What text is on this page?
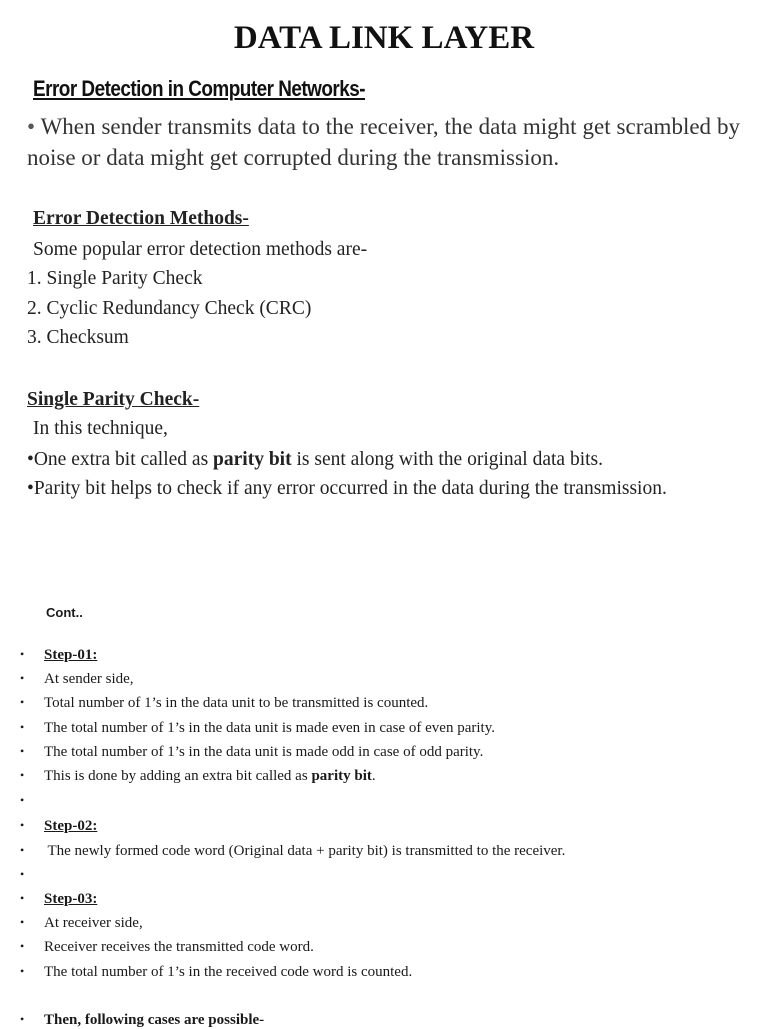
DATA LINK LAYER
Error Detection in Computer Networks-
• When sender transmits data to the receiver, the data might get scrambled by noise or data might get corrupted during the transmission.
Error Detection Methods-
Some popular error detection methods are-
1. Single Parity Check
2. Cyclic Redundancy Check (CRC)
3. Checksum
Single Parity Check-
In this technique,
•One extra bit called as parity bit is sent along with the original data bits.
•Parity bit helps to check if any error occurred in the data during the transmission.
Cont..
• Step-01:
• At sender side,
• Total number of 1’s in the data unit to be transmitted is counted.
• The total number of 1’s in the data unit is made even in case of even parity.
• The total number of 1’s in the data unit is made odd in case of odd parity.
• This is done by adding an extra bit called as parity bit.
•
• Step-02:
• The newly formed code word (Original data + parity bit) is transmitted to the receiver.
•
• Step-03:
• At receiver side,
• Receiver receives the transmitted code word.
• The total number of 1’s in the received code word is counted.
• Then, following cases are possible-
